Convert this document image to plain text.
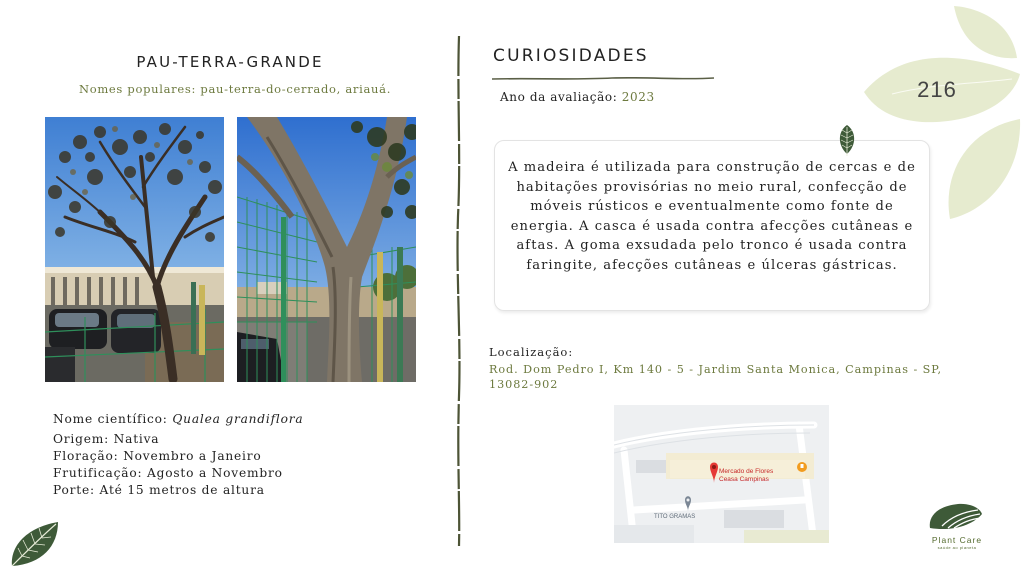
PAU-TERRA-GRANDE
Nomes populares: pau-terra-do-cerrado, ariauá.
Nome científico: Qualea grandiflora
Origem: Nativa
Floração: Novembro a Janeiro
Frutificação: Agosto a Novembro
Porte: Até 15 metros de altura
CURIOSIDADES
Ano da avaliação: 2023	216
A madeira é utilizada para construção de cercas e de habitações provisórias no meio rural, confecção de móveis rústicos e eventualmente como fonte de energia. A casca é usada contra afecções cutâneas e aftas. A goma exsudada pelo tronco é usada contra faringite, afecções cutâneas e úlceras gástricas.
Localização:
Rod. Dom Pedro I, Km 140 - 5 - Jardim Santa Monica, Campinas - SP, 13082-902
Mercado de Flores
Ceasa Campinas
TITO GRAMAS
Plant Care
saúde ao planeta
